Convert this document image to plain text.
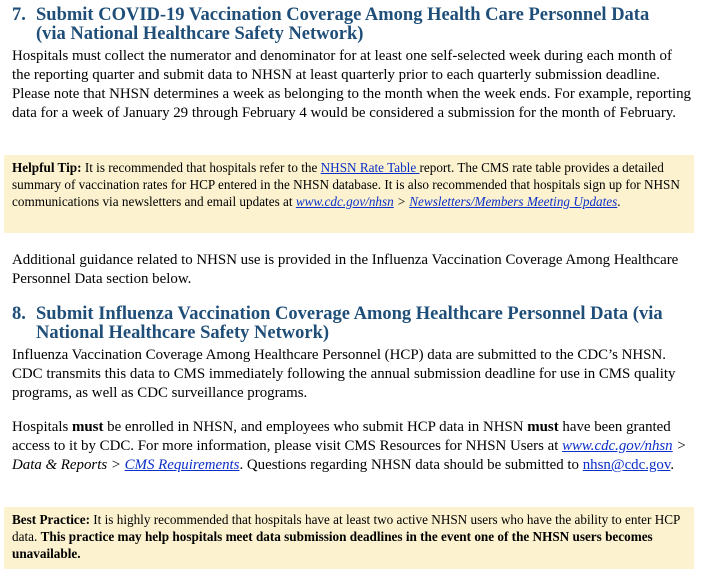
7. Submit COVID-19 Vaccination Coverage Among Health Care Personnel Data
(via National Healthcare Safety Network)
Hospitals must collect the numerator and denominator for at least one self-selected week during each month of the reporting quarter and submit data to NHSN at least quarterly prior to each quarterly submission deadline. Please note that NHSN determines a week as belonging to the month when the week ends. For example, reporting data for a week of January 29 through February 4 would be considered a submission for the month of February.
Helpful Tip: It is recommended that hospitals refer to the NHSN Rate Table report. The CMS rate table provides a detailed summary of vaccination rates for HCP entered in the NHSN database. It is also recommended that hospitals sign up for NHSN communications via newsletters and email updates at www.cdc.gov/nhsn > Newsletters/Members Meeting Updates.
Additional guidance related to NHSN use is provided in the Influenza Vaccination Coverage Among Healthcare Personnel Data section below.
8. Submit Influenza Vaccination Coverage Among Healthcare Personnel Data (via
National Healthcare Safety Network)
Influenza Vaccination Coverage Among Healthcare Personnel (HCP) data are submitted to the CDC’s NHSN. CDC transmits this data to CMS immediately following the annual submission deadline for use in CMS quality programs, as well as CDC surveillance programs.
Hospitals must be enrolled in NHSN, and employees who submit HCP data in NHSN must have been granted access to it by CDC. For more information, please visit CMS Resources for NHSN Users at www.cdc.gov/nhsn > Data & Reports > CMS Requirements. Questions regarding NHSN data should be submitted to nhsn@cdc.gov.
Best Practice: It is highly recommended that hospitals have at least two active NHSN users who have the ability to enter HCP data. This practice may help hospitals meet data submission deadlines in the event one of the NHSN users becomes unavailable.
